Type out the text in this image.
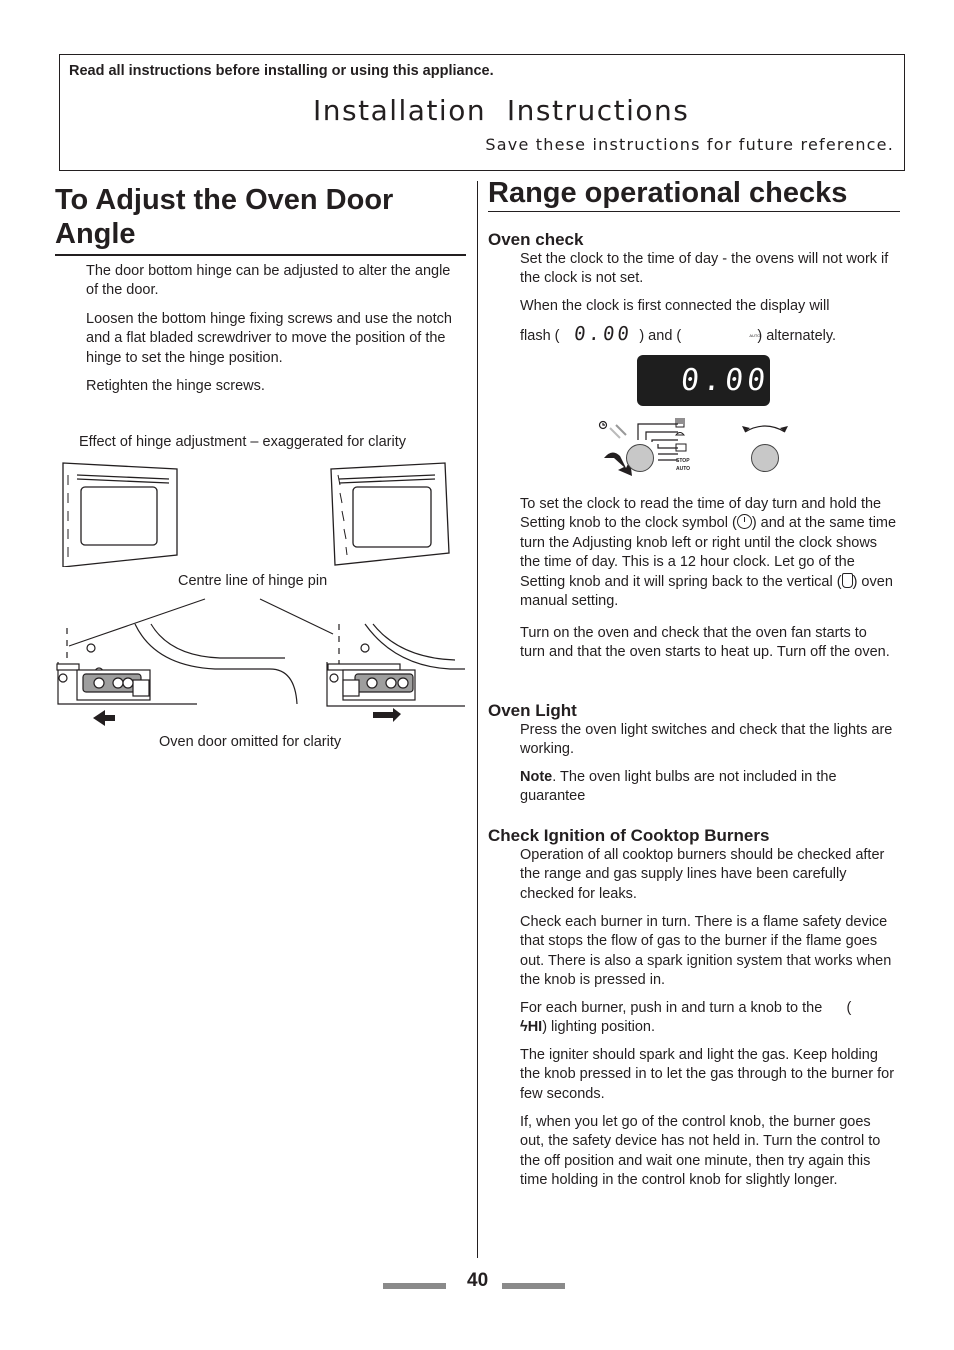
Read all instructions before installing or using this appliance.
Installation  Instructions
Save these instructions for future reference.
To Adjust the Oven Door Angle
The door bottom hinge can be adjusted to alter the angle of the door.
Loosen the bottom hinge fixing screws and use the notch and a flat bladed screwdriver to move the position of the hinge to set the hinge position.
Retighten the hinge screws.
Effect of hinge adjustment – exaggerated for clarity
Centre line of hinge pin
Oven door omitted for clarity
Range operational checks
Oven check
Set the clock to the time of day - the ovens will not work if the clock is not set.
When the clock is first connected the display will
flash ( 0.00 ) and (	AUTO ) alternately.
0.00
STOP
AUTO
To set the clock to read the time of day turn and hold the Setting knob to the clock symbol ( ) and at the same time turn the Adjusting knob left or right until the clock shows the time of day. This is a 12 hour clock. Let go of the Setting knob and it will spring back to the vertical ( ) oven manual setting.
Turn on the oven and check that the oven fan starts to turn and that the oven starts to heat up. Turn off the oven.
Oven Light
Press the oven light switches and check that the lights are working.
Note. The oven light bulbs are not included in the guarantee
Check Ignition of Cooktop Burners
Operation of all cooktop burners should be checked after the range and gas supply lines have been carefully checked for leaks.
Check each burner in turn. There is a flame safety device that stops the flow of gas to the burner if the flame goes out. There is also a spark ignition system that works when the knob is pressed in.
For each burner, push in and turn a knob to the      (
ϟHI) lighting position.
The igniter should spark and light the gas. Keep holding the knob pressed in to let the gas through to the burner for few seconds.
If, when you let go of the control knob, the burner goes out, the safety device has not held in. Turn the control to the off position and wait one minute, then try again this time holding in the control knob for slightly longer.
40
